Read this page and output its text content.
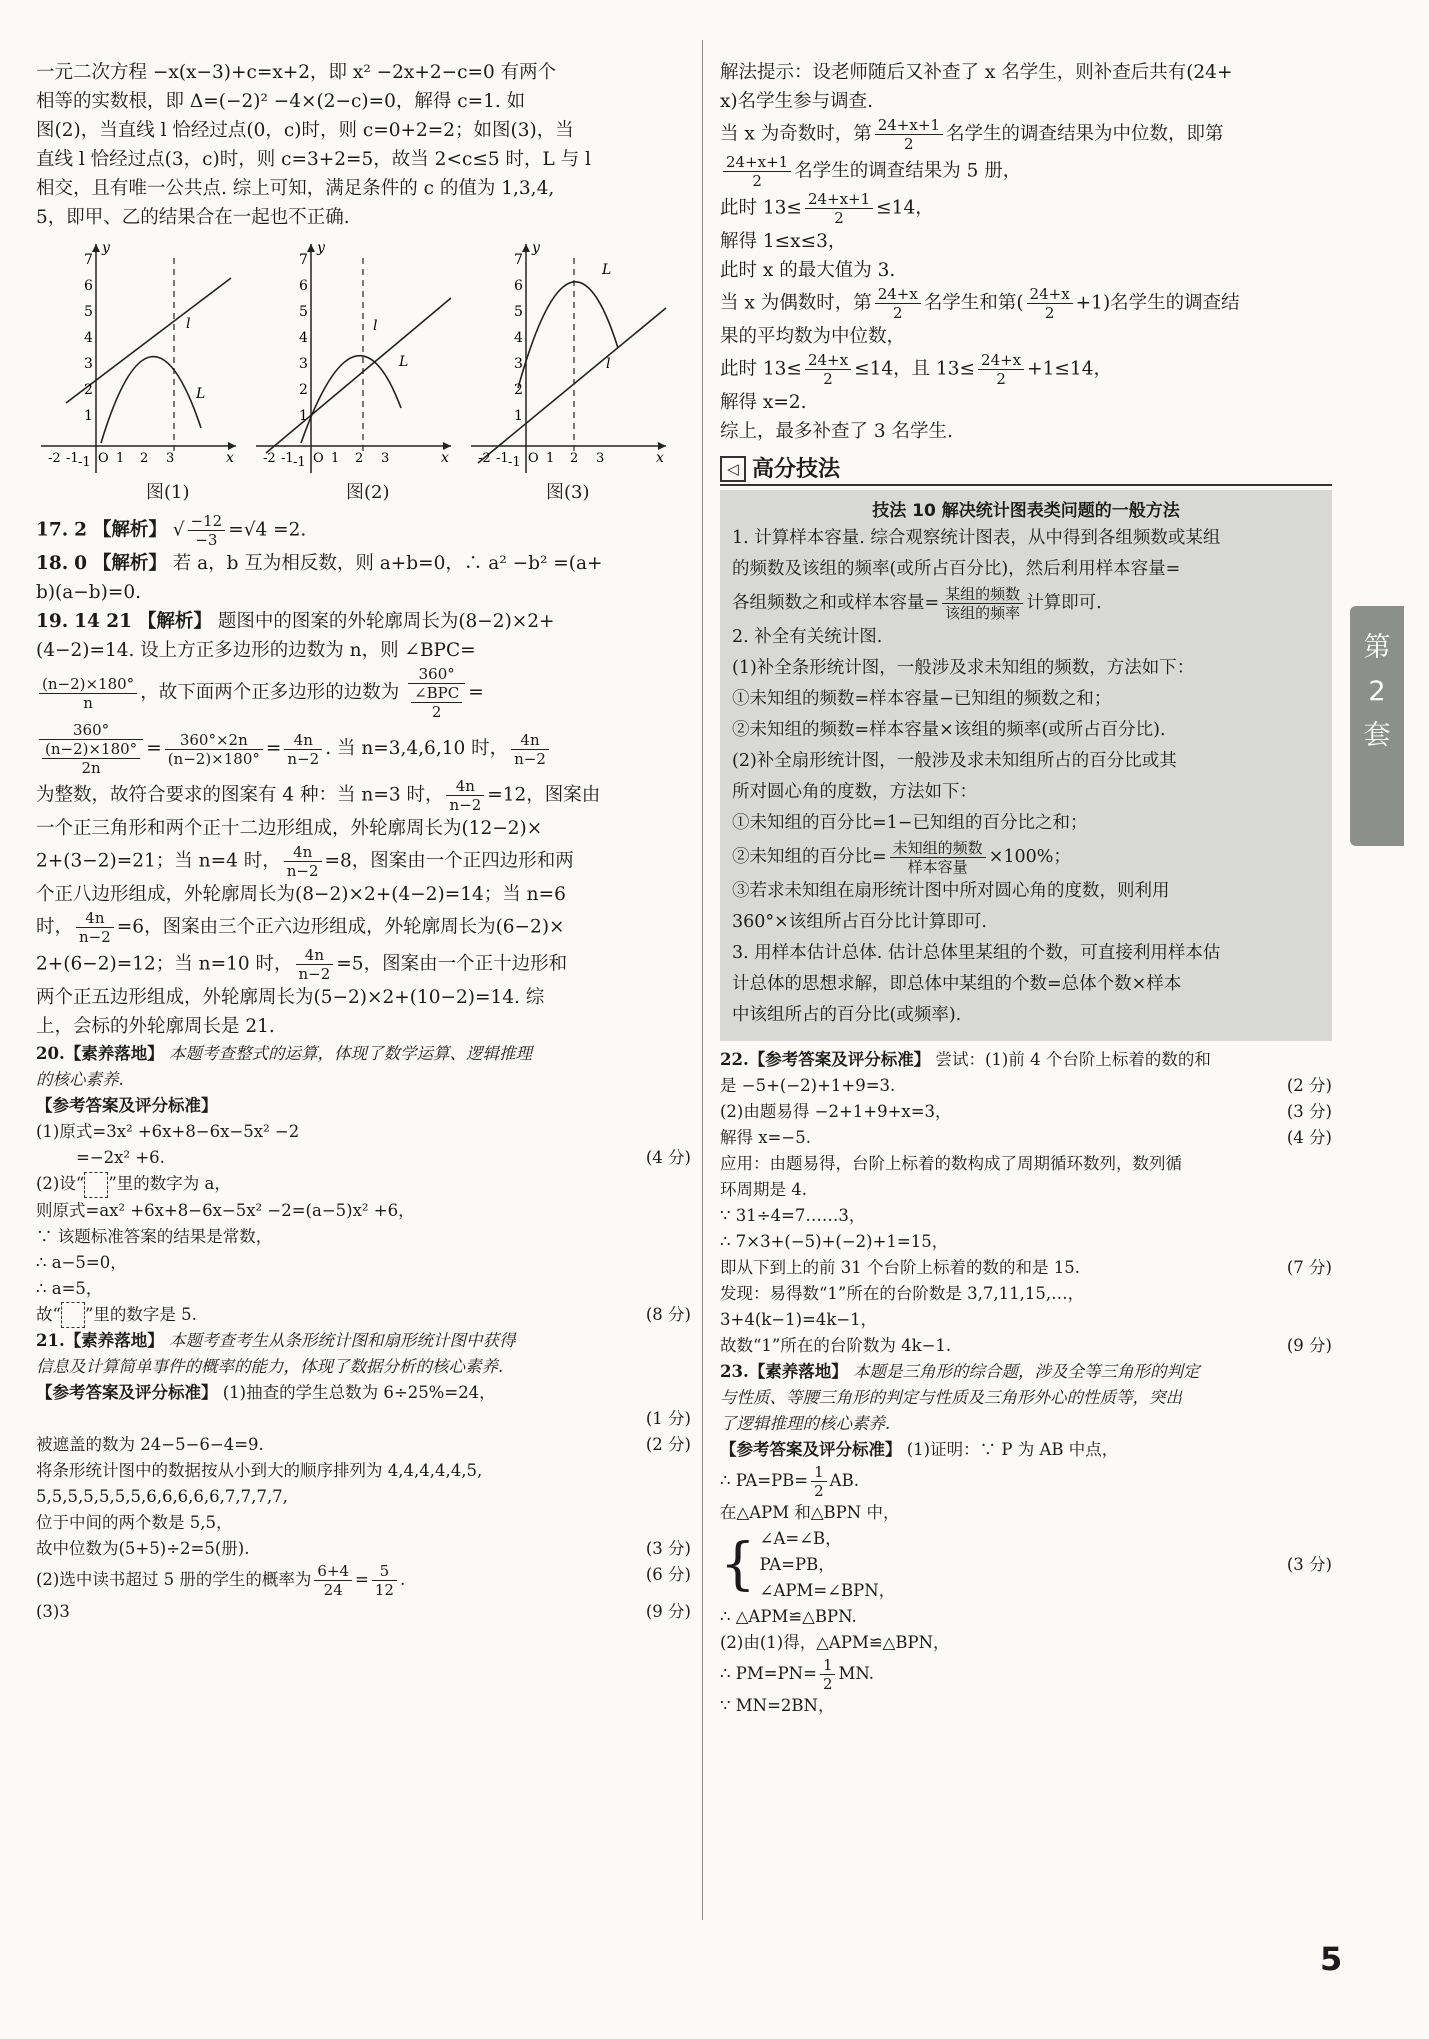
一元二次方程 −x(x−3)+c=x+2，即 x² −2x+2−c=0 有两个

相等的实数根，即 Δ=(−2)² −4×(2−c)=0，解得 c=1. 如

图(2)，当直线 l 恰经过点(0，c)时，则 c=0+2=2；如图(3)，当

直线 l 恰经过点(3，c)时，则 c=3+2=5，故当 2<c≤5 时，L 与 l

相交，且有唯一公共点. 综上可知，满足条件的 c 的值为 1,3,4,

5，即甲、乙的结果合在一起也不正确.

7
6
5
4
3
2
1
-1
-2 -1 O 1 2 3
y
x
l
L
7
6
5
4
3
2
1
-1
-2 -1 O 1 2 3
y
x
l
L
7
6
5
4
3
2
1
-1
-2 -1 O 1 2 3
y
x
l
L
图(1)	图(2)	图(3)

17. 2 【解析】 √ $\frac{-12}{-3} =√4 =2$.

18. 0 【解析】 若 a，b 互为相反数，则 a+b=0，∴ a² −b² =(a+

b)(a−b)=0.

19. 14 21 【解析】 题图中的图案的外轮廓周长为(8−2)×2+

(4−2)=14. 设上方正多边形的边数为 n，则 ∠BPC=

$\frac{(n-2)\times 180^\circ}{n}$ ，故下面两个正多边形的边数为 $\frac{360^\circ}{\frac{\text{∠BPC}}{2}}$ =

$\frac{360^\circ}{\frac{(n-2)\times 180^\circ}{2n}} = \frac{360^\circ\times 2n}{(n-2)\times 180^\circ} = \frac{4n}{n-2}$ . 当 n=3,4,6,10 时， $\frac{4n}{n-2}$

为整数，故符合要求的图案有 4 种：当 n=3 时， $\frac{4n}{n-2} =12$，图案由

一个正三角形和两个正十二边形组成，外轮廓周长为(12−2)×

2+(3−2)=21；当 n=4 时， $\frac{4n}{n-2} =8$，图案由一个正四边形和两

个正八边形组成，外轮廓周长为(8−2)×2+(4−2)=14；当 n=6

时， $\frac{4n}{n-2} =6$，图案由三个正六边形组成，外轮廓周长为(6−2)×

2+(6−2)=12；当 n=10 时， $\frac{4n}{n-2} =5$，图案由一个正十边形和

两个正五边形组成，外轮廓周长为(5−2)×2+(10−2)=14. 综

上，会标的外轮廓周长是 21.

20.【素养落地】 本题考查整式的运算，体现了数学运算、逻辑推理

的核心素养.

【参考答案及评分标准】

(1)原式=3x² +6x+8−6x−5x² −2

=−2x² +6.	(4 分)

(2)设“ ”里的数字为 a，

则原式=ax² +6x+8−6x−5x² −2=(a−5)x² +6，

∵ 该题标准答案的结果是常数，

∴ a−5=0，

∴ a=5，

故“ ”里的数字是 5.	(8 分)

21.【素养落地】 本题考查考生从条形统计图和扇形统计图中获得

信息及计算简单事件的概率的能力，体现了数据分析的核心素养.

【参考答案及评分标准】 (1)抽查的学生总数为 6÷25%=24，

(1 分)

被遮盖的数为 24−5−6−4=9.	(2 分)

将条形统计图中的数据按从小到大的顺序排列为 4,4,4,4,4,5,

5,5,5,5,5,5,5,6,6,6,6,6,7,7,7,7,

位于中间的两个数是 5,5，

故中位数为(5+5)÷2=5(册).	(3 分)

(2)选中读书超过 5 册的学生的概率为 $\frac{6+4}{24} = \frac{5}{12}$ .	(6 分)

(3)3	(9 分)

解法提示：设老师随后又补查了 x 名学生，则补查后共有(24+

x)名学生参与调查.

当 x 为奇数时，第 $\frac{24+x+1}{2}$ 名学生的调查结果为中位数，即第

$\frac{24+x+1}{2}$ 名学生的调查结果为 5 册，

此时 $13\le \frac{24+x+1}{2} \le 14$，

解得 1≤x≤3，

此时 x 的最大值为 3.

当 x 为偶数时，第 $\frac{24+x}{2}$ 名学生和第( $\frac{24+x}{2} +1$)名学生的调查结

果的平均数为中位数，

此时 $13\le \frac{24+x}{2} \le 14$，且 $13\le \frac{24+x}{2} +1\le 14$，

解得 x=2.

综上，最多补查了 3 名学生.

◁ 高分技法
技法 10 解决统计图表类问题的一般方法

1. 计算样本容量. 综合观察统计图表，从中得到各组频数或某组

的频数及该组的频率(或所占百分比)，然后利用样本容量=

各组频数之和或样本容量= $\frac{\text{某组的频数}}{\text{该组的频率}}$ 计算即可.

2. 补全有关统计图.

(1)补全条形统计图，一般涉及求未知组的频数，方法如下：

①未知组的频数=样本容量−已知组的频数之和；

②未知组的频数=样本容量×该组的频率(或所占百分比).

(2)补全扇形统计图，一般涉及求未知组所占的百分比或其

所对圆心角的度数，方法如下：

①未知组的百分比=1−已知组的百分比之和；

②未知组的百分比= $\frac{\text{未知组的频数}}{\text{样本容量}} \times 100\%$；

③若求未知组在扇形统计图中所对圆心角的度数，则利用

360°×该组所占百分比计算即可.

3. 用样本估计总体. 估计总体里某组的个数，可直接利用样本估

计总体的思想求解，即总体中某组的个数=总体个数×样本

中该组所占的百分比(或频率).

22.【参考答案及评分标准】 尝试：(1)前 4 个台阶上标着的数的和

是 −5+(−2)+1+9=3.	(2 分)

(2)由题易得 −2+1+9+x=3，	(3 分)

解得 x=−5.	(4 分)

应用：由题易得，台阶上标着的数构成了周期循环数列，数列循

环周期是 4.

∵ 31÷4=7……3，

∴ 7×3+(−5)+(−2)+1=15，

即从下到上的前 31 个台阶上标着的数的和是 15.	(7 分)

发现：易得数“1”所在的台阶数是 3,7,11,15,…，

3+4(k−1)=4k−1，

故数“1”所在的台阶数为 4k−1.	(9 分)

23.【素养落地】 本题是三角形的综合题，涉及全等三角形的判定

与性质、等腰三角形的判定与性质及三角形外心的性质等，突出

了逻辑推理的核心素养.

【参考答案及评分标准】 (1)证明：∵ P 为 AB 中点，

∴ $PA=PB= \frac{1}{2}$ AB.

在△APM 和△BPN 中，

{ ∠A=∠B，

PA=PB，

∠APM=∠BPN，

(3 分)

∴ △APM≌△BPN.

(2)由(1)得，△APM≌△BPN，

∴ $PM=PN= \frac{1}{2}$ MN.

∵ MN=2BN，

第
2
套
5
